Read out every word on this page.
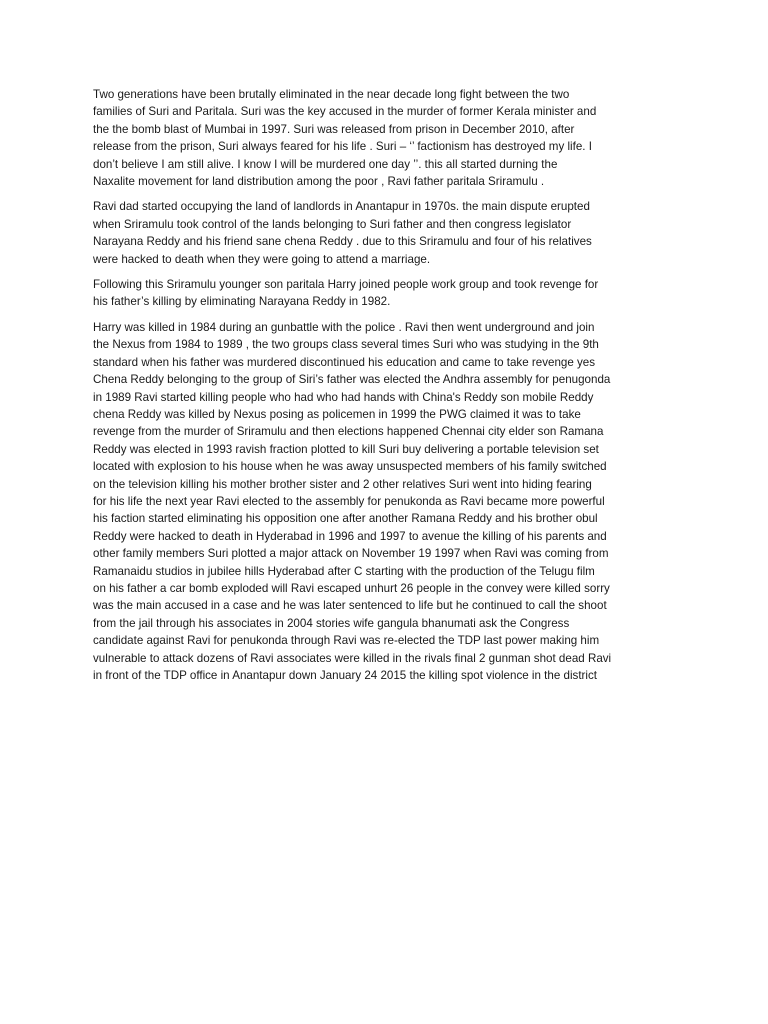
Two generations have been brutally eliminated in the near decade long fight between the two
families of Suri and Paritala. Suri was the key accused in the murder of former Kerala minister and
the the bomb blast of Mumbai in 1997. Suri was released from prison in December 2010, after
release from the prison, Suri always feared for his life . Suri – ‘’ factionism has destroyed my life. I
don’t believe I am still alive. I know I will be murdered one day ’’. this all started durning the
Naxalite movement for land distribution among the poor , Ravi father paritala Sriramulu .

Ravi dad started occupying the land of landlords in Anantapur in 1970s. the main dispute erupted
when Sriramulu took control of the lands belonging to Suri father and then congress legislator
Narayana Reddy and his friend sane chena Reddy . due to this Sriramulu and four of his relatives
were hacked to death when they were going to attend a marriage.

Following this Sriramulu younger son paritala Harry joined people work group and took revenge for
his father’s killing by eliminating Narayana Reddy in 1982.

Harry was killed in 1984 during an gunbattle with the police . Ravi then went underground and join
the Nexus from 1984 to 1989 , the two groups class several times Suri who was studying in the 9th
standard when his father was murdered discontinued his education and came to take revenge yes
Chena Reddy belonging to the group of Siri’s father was elected the Andhra assembly for penugonda
in 1989 Ravi started killing people who had who had hands with China's Reddy son mobile Reddy
chena Reddy was killed by Nexus posing as policemen in 1999 the PWG claimed it was to take
revenge from the murder of Sriramulu and then elections happened Chennai city elder son Ramana
Reddy was elected in 1993 ravish fraction plotted to kill Suri buy delivering a portable television set
located with explosion to his house when he was away unsuspected members of his family switched
on the television killing his mother brother sister and 2 other relatives Suri went into hiding fearing
for his life the next year Ravi elected to the assembly for penukonda as Ravi became more powerful
his faction started eliminating his opposition one after another Ramana Reddy and his brother obul
Reddy were hacked to death in Hyderabad in 1996 and 1997 to avenue the killing of his parents and
other family members Suri plotted a major attack on November 19 1997 when Ravi was coming from
Ramanaidu studios in jubilee hills Hyderabad after C starting with the production of the Telugu film
on his father a car bomb exploded will Ravi escaped unhurt 26 people in the convey were killed sorry
was the main accused in a case and he was later sentenced to life but he continued to call the shoot
from the jail through his associates in 2004 stories wife gangula bhanumati ask the Congress
candidate against Ravi for penukonda through Ravi was re-elected the TDP last power making him
vulnerable to attack dozens of Ravi associates were killed in the rivals final 2 gunman shot dead Ravi
in front of the TDP office in Anantapur down January 24 2015 the killing spot violence in the district
